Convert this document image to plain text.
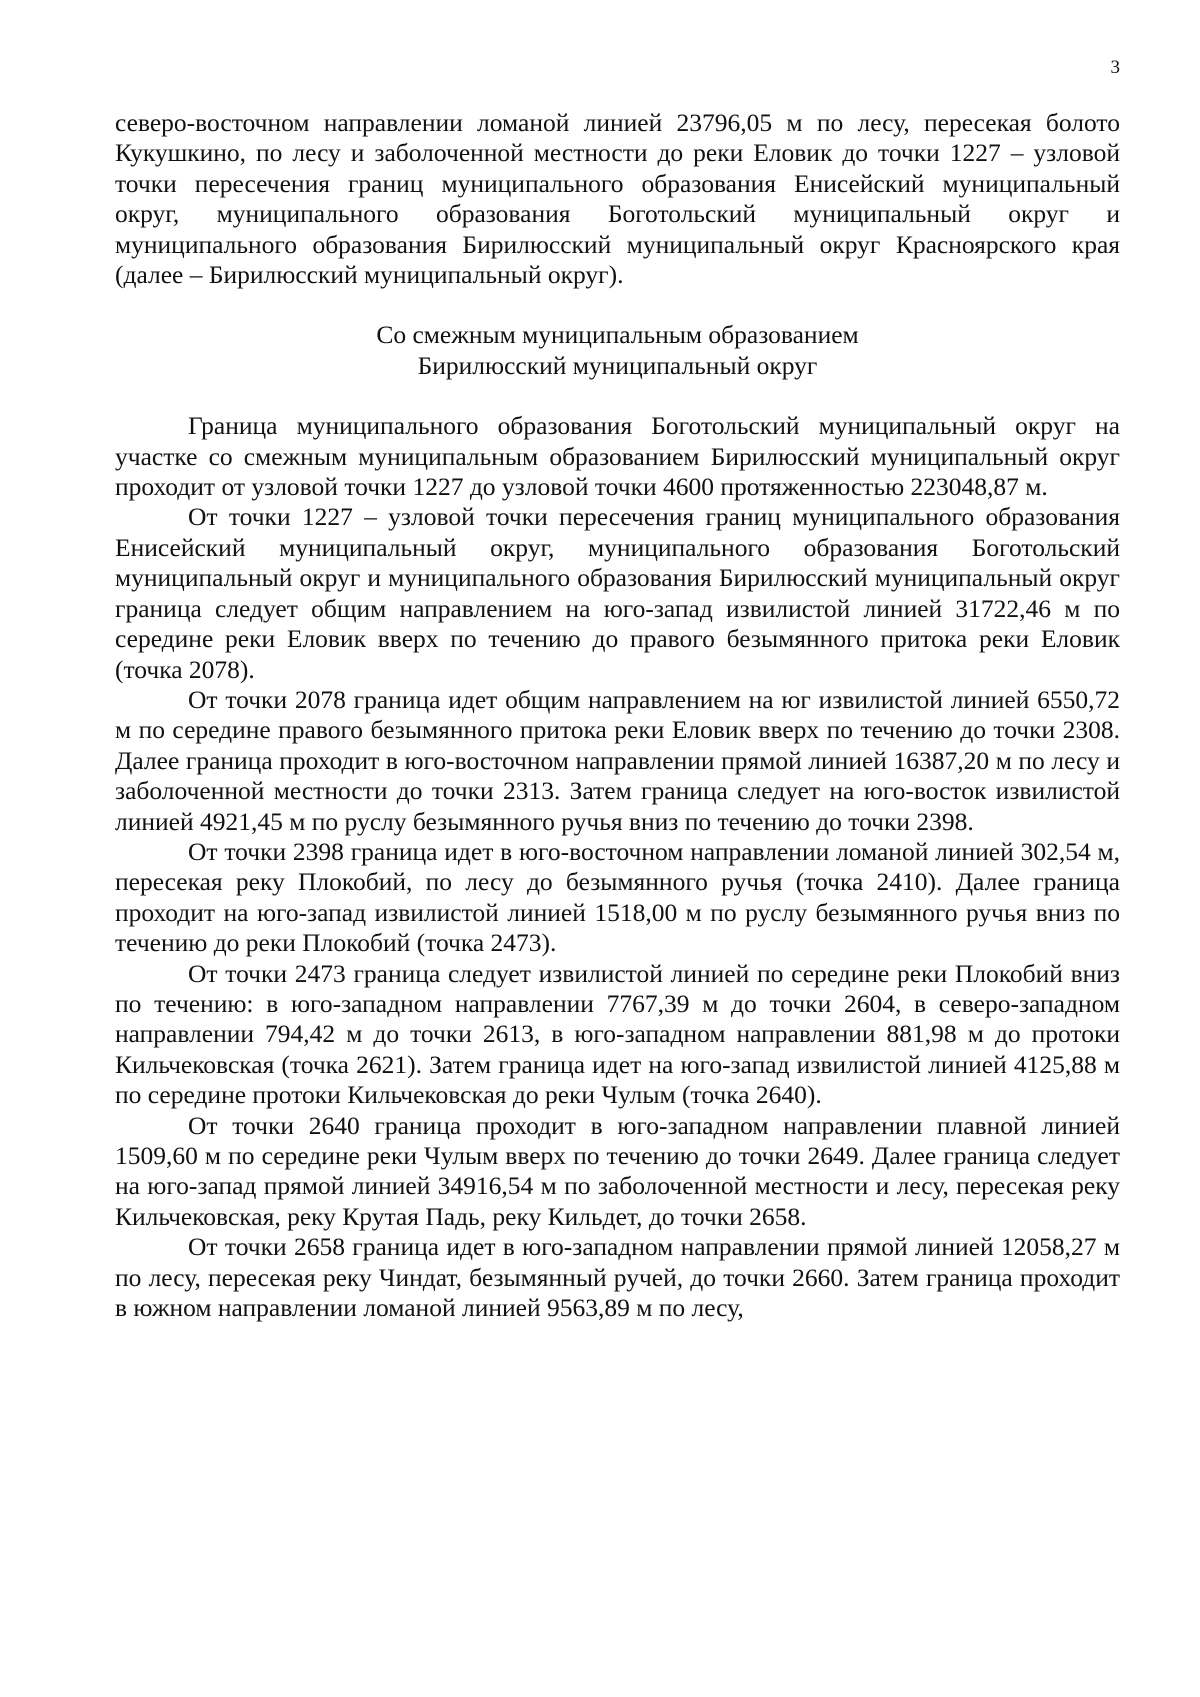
3

северо-восточном направлении ломаной линией 23796,05 м по лесу, пересекая болото Кукушкино, по лесу и заболоченной местности до реки Еловик до точки 1227 – узловой точки пересечения границ муниципального образования Енисейский муниципальный округ, муниципального образования Боготольский муниципальный округ и муниципального образования Бирилюсский муниципальный округ Красноярского края (далее – Бирилюсский муниципальный округ).

Со смежным муниципальным образованием
Бирилюсский муниципальный округ

Граница муниципального образования Боготольский муниципальный округ на участке со смежным муниципальным образованием Бирилюсский муниципальный округ проходит от узловой точки 1227 до узловой точки 4600 протяженностью 223048,87 м.

От точки 1227 – узловой точки пересечения границ муниципального образования Енисейский муниципальный округ, муниципального образования Боготольский муниципальный округ и муниципального образования Бирилюсский муниципальный округ граница следует общим направлением на юго-запад извилистой линией 31722,46 м по середине реки Еловик вверх по течению до правого безымянного притока реки Еловик (точка 2078).

От точки 2078 граница идет общим направлением на юг извилистой линией 6550,72 м по середине правого безымянного притока реки Еловик вверх по течению до точки 2308. Далее граница проходит в юго-восточном направлении прямой линией 16387,20 м по лесу и заболоченной местности до точки 2313. Затем граница следует на юго-восток извилистой линией 4921,45 м по руслу безымянного ручья вниз по течению до точки 2398.

От точки 2398 граница идет в юго-восточном направлении ломаной линией 302,54 м, пересекая реку Плокобий, по лесу до безымянного ручья (точка 2410). Далее граница проходит на юго-запад извилистой линией 1518,00 м по руслу безымянного ручья вниз по течению до реки Плокобий (точка 2473).

От точки 2473 граница следует извилистой линией по середине реки Плокобий вниз по течению: в юго-западном направлении 7767,39 м до точки 2604, в северо-западном направлении 794,42 м до точки 2613, в юго-западном направлении 881,98 м до протоки Кильчековская (точка 2621). Затем граница идет на юго-запад извилистой линией 4125,88 м по середине протоки Кильчековская до реки Чулым (точка 2640).

От точки 2640 граница проходит в юго-западном направлении плавной линией 1509,60 м по середине реки Чулым вверх по течению до точки 2649. Далее граница следует на юго-запад прямой линией 34916,54 м по заболоченной местности и лесу, пересекая реку Кильчековская, реку Крутая Падь, реку Кильдет, до точки 2658.

От точки 2658 граница идет в юго-западном направлении прямой линией 12058,27 м по лесу, пересекая реку Чиндат, безымянный ручей, до точки 2660. Затем граница проходит в южном направлении ломаной линией 9563,89 м по лесу,
